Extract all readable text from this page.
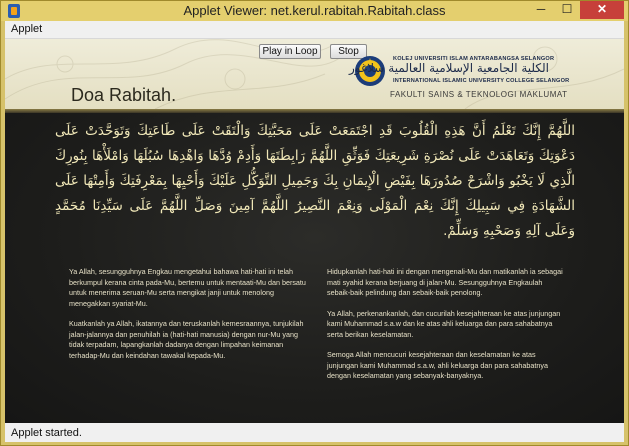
Applet Viewer: net.kerul.rabitah.Rabitah.class	─	☐	✕
Applet
Applet started.
Play in Loop	Stop
KOLEJ UNIVERSITI ISLAM ANTARABANGSA SELANGOR
الكلية الجامعية الإسلامية العالمية سلاغور
INTERNATIONAL ISLAMIC UNIVERSITY COLLEGE SELANGOR
FAKULTI SAINS & TEKNOLOGI MAKLUMAT
Doa Rabitah.
اللَّهُمَّ إِنَّكَ تَعْلَمُ أَنَّ هَذِهِ الْقُلُوبَ قَدِ اجْتَمَعَتْ عَلَى مَحَبَّتِكَ وَالْتَقَتْ عَلَى طَاعَتِكَ وَتَوَحَّدَتْ عَلَى دَعْوَتِكَ وَتَعَاهَدَتْ عَلَى نُصْرَةِ شَرِيعَتِكَ فَوَثِّقِ اللَّهُمَّ رَابِطَتَهَا وَأَدِمْ وُدَّهَا وَاهْدِهَا سُبُلَهَا وَامْلَأْهَا بِنُورِكَ الَّذِي لَا يَخْبُو وَاشْرَحْ صُدُورَهَا بِفَيْضِ الْإِيمَانِ بِكَ وَجَمِيلِ التَّوَكُّلِ عَلَيْكَ وَأَحْيِهَا بِمَعْرِفَتِكَ وَأَمِتْهَا عَلَى الشَّهَادَةِ فِي سَبِيلِكَ إِنَّكَ نِعْمَ الْمَوْلَى وَنِعْمَ النَّصِيرُ اللَّهُمَّ آمِينَ وَصَلِّ اللَّهُمَّ عَلَى سَيِّدِنَا مُحَمَّدٍ وَعَلَى آلِهِ وَصَحْبِهِ وَسَلِّمْ.

Ya Allah, sesungguhnya Engkau mengetahui bahawa hati-hati ini telah berkumpul kerana cinta pada-Mu, bertemu untuk mentaati-Mu dan bersatu untuk menerima seruan-Mu serta mengikat janji untuk menolong menegakkan syariat-Mu.

Kuatkanlah ya Allah, ikatannya dan teruskanlah kemesraannya, tunjukilah jalan-jalannya dan penuhilah ia (hati-hati manusia) dengan nur-Mu yang tidak terpadam, lapangkanlah dadanya dengan limpahan keimanan terhadap-Mu dan keindahan tawakal kepada-Mu.

Hidupkanlah hati-hati ini dengan mengenali-Mu dan matikanlah ia sebagai mati syahid kerana berjuang di jalan-Mu. Sesungguhnya Engkaulah sebaik-baik pelindung dan sebaik-baik penolong.

Ya Allah, perkenankanlah, dan cucurilah kesejahteraan ke atas junjungan kami Muhammad s.a.w dan ke atas ahli keluarga dan para sahabatnya serta berikan keselamatan.

Semoga Allah mencucuri kesejahteraan dan keselamatan ke atas junjungan kami Muhammad s.a.w, ahli keluarga dan para sahabatnya dengan keselamatan yang sebanyak-banyaknya.
